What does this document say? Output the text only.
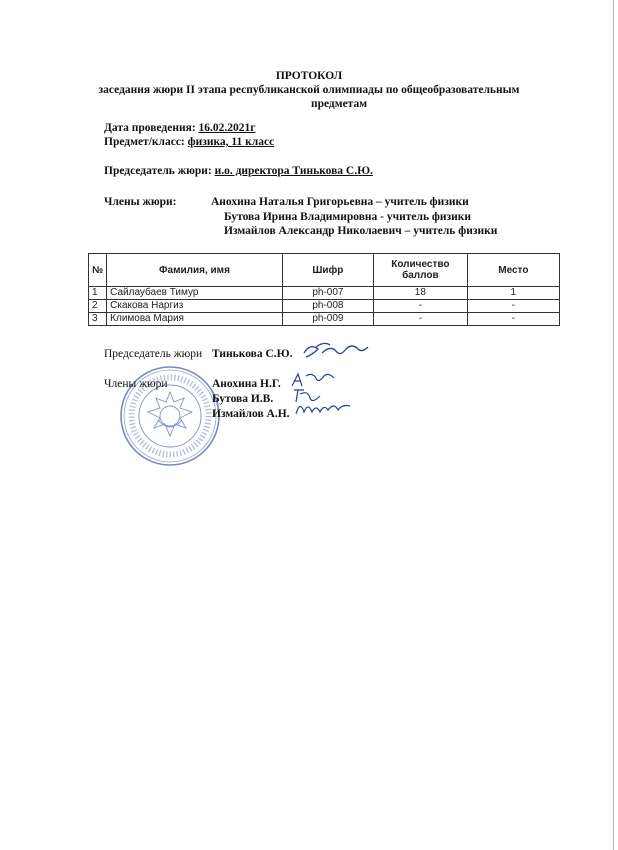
ПРОТОКОЛ
заседания жюри II этапа республиканской олимпиады по общеобразовательным
предметам
Дата проведения: 16.02.2021г
Предмет/класс: физика, 11 класс
Председатель жюри: и.о. директора Тинькова С.Ю.
Члены жюри:	Анохина Наталья Григорьевна – учитель физики
Бутова Ирина Владимировна - учитель физики
Измайлов Александр Николаевич – учитель физики
№	Фамилия, имя	Шифр	Количество баллов	Место
1	Сайлаубаев Тимур	ph-007	18	1
2	Скакова Наргиз	ph-008	-	-
3	Климова Мария	ph-009	-	-
Председатель жюри Тинькова С.Ю.
Члены жюри	Анохина Н.Г.
Бутова И.В.
Измайлов А.Н.
